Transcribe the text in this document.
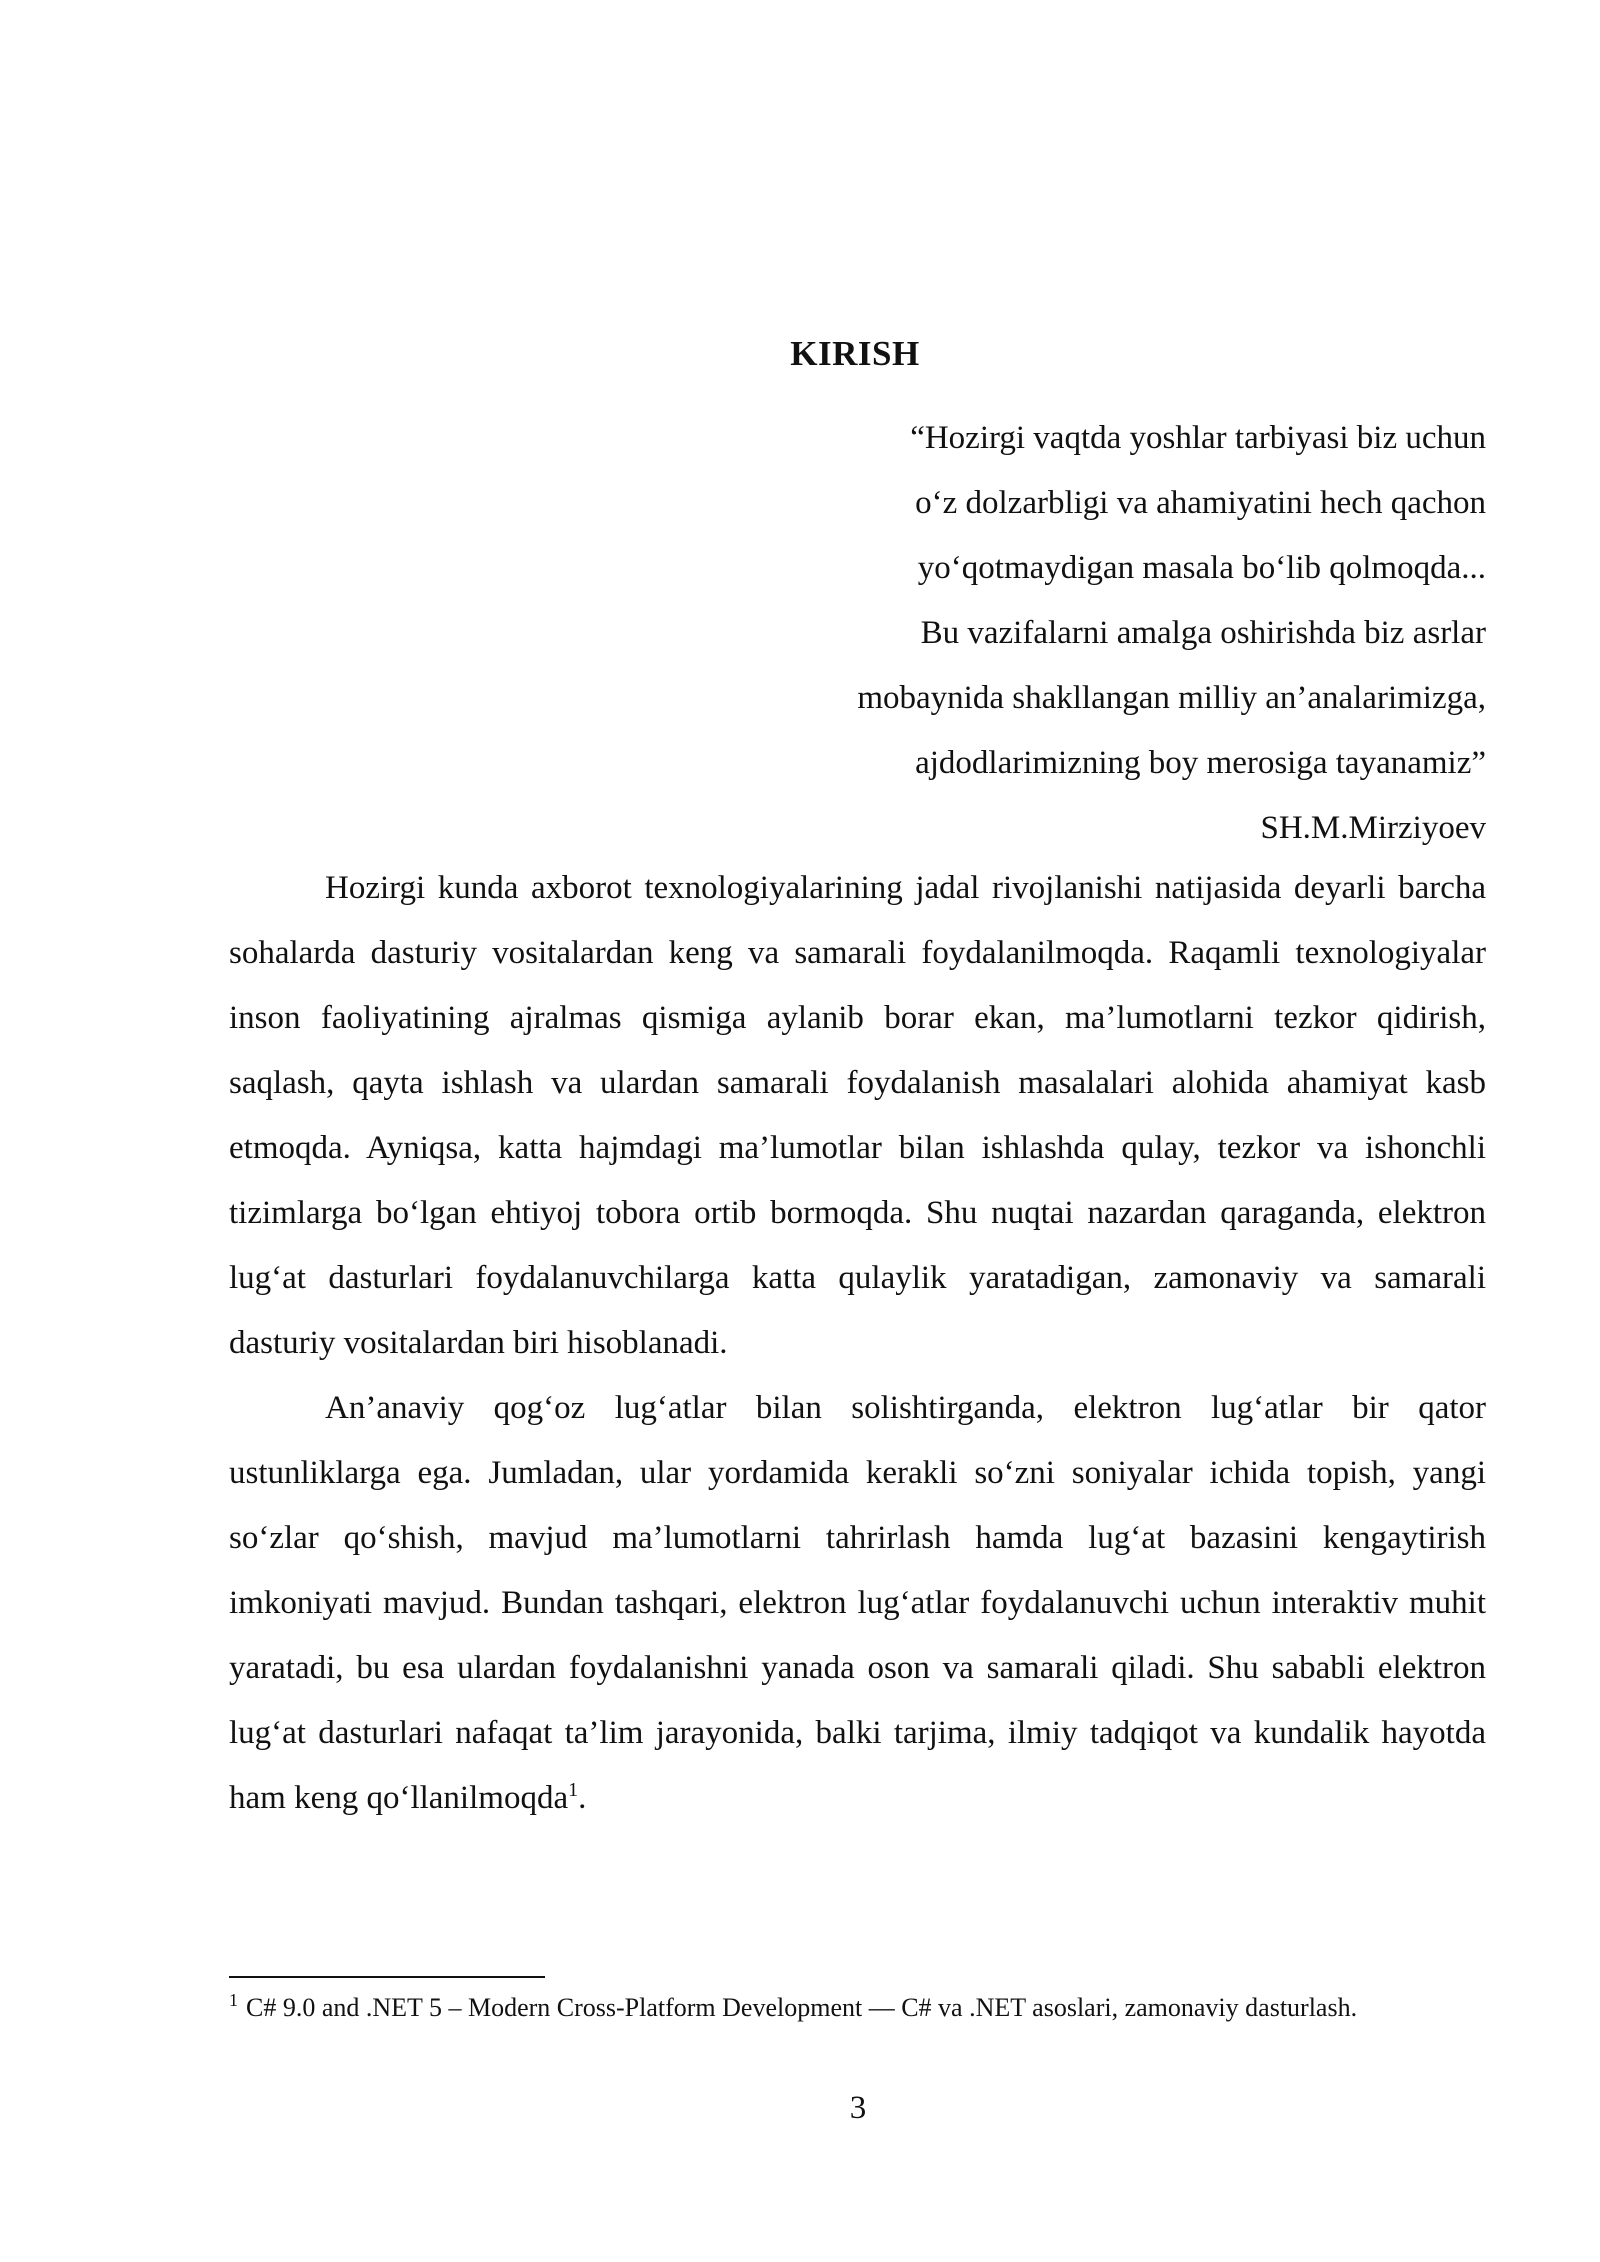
KIRISH
“Hozirgi vaqtda yoshlar tarbiyasi biz uchun
o‘z dolzarbligi va ahamiyatini hech qachon
yo‘qotmaydigan masala bo‘lib qolmoqda...
Bu vazifalarni amalga oshirishda biz asrlar
mobaynida shakllangan milliy an’analarimizga,
ajdodlarimizning boy merosiga tayanamiz”
SH.M.Mirziyoev

Hozirgi kunda axborot texnologiyalarining jadal rivojlanishi natijasida deyarli barcha sohalarda dasturiy vositalardan keng va samarali foydalanilmoqda. Raqamli texnologiyalar inson faoliyatining ajralmas qismiga aylanib borar ekan, ma’lumotlarni tezkor qidirish, saqlash, qayta ishlash va ulardan samarali foydalanish masalalari alohida ahamiyat kasb etmoqda. Ayniqsa, katta hajmdagi ma’lumotlar bilan ishlashda qulay, tezkor va ishonchli tizimlarga bo‘lgan ehtiyoj tobora ortib bormoqda. Shu nuqtai nazardan qaraganda, elektron lug‘at dasturlari foydalanuvchilarga katta qulaylik yaratadigan, zamonaviy va samarali dasturiy vositalardan biri hisoblanadi.

An’anaviy qog‘oz lug‘atlar bilan solishtirganda, elektron lug‘atlar bir qator ustunliklarga ega. Jumladan, ular yordamida kerakli so‘zni soniyalar ichida topish, yangi so‘zlar qo‘shish, mavjud ma’lumotlarni tahrirlash hamda lug‘at bazasini kengaytirish imkoniyati mavjud. Bundan tashqari, elektron lug‘atlar foydalanuvchi uchun interaktiv muhit yaratadi, bu esa ulardan foydalanishni yanada oson va samarali qiladi. Shu sababli elektron lug‘at dasturlari nafaqat ta’lim jarayonida, balki tarjima, ilmiy tadqiqot va kundalik hayotda ham keng qo‘llanilmoqda$^1$.

$^1$ C# 9.0 and .NET 5 – Modern Cross-Platform Development — C# va .NET asoslari, zamonaviy dasturlash.
3
